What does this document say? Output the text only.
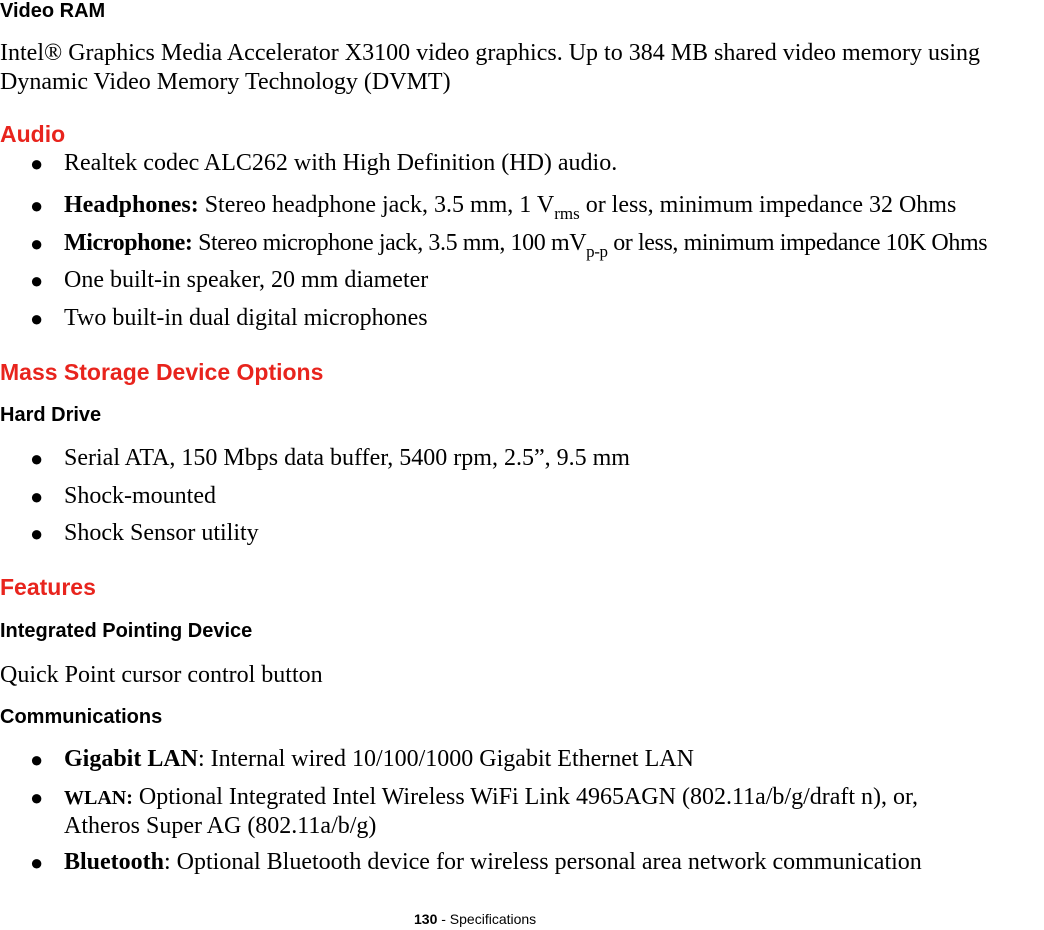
Video RAM
Intel® Graphics Media Accelerator X3100 video graphics. Up to 384 MB shared video memory using
Dynamic Video Memory Technology (DVMT)
Audio
● Realtek codec ALC262 with High Definition (HD) audio.
● Headphones: Stereo headphone jack, 3.5 mm, 1 $V_{rms}$ or less, minimum impedance 32 Ohms
● Microphone: Stereo microphone jack, 3.5 mm, 100 $mV_{p-p}$ or less, minimum impedance 10K Ohms
● One built-in speaker, 20 mm diameter
● Two built-in dual digital microphones
Mass Storage Device Options
Hard Drive
● Serial ATA, 150 Mbps data buffer, 5400 rpm, 2.5”, 9.5 mm
● Shock-mounted
● Shock Sensor utility
Features
Integrated Pointing Device
Quick Point cursor control button
Communications
● Gigabit LAN: Internal wired 10/100/1000 Gigabit Ethernet LAN
● WLAN: Optional Integrated Intel Wireless WiFi Link 4965AGN (802.11a/b/g/draft n), or,
Atheros Super AG (802.11a/b/g)
● Bluetooth: Optional Bluetooth device for wireless personal area network communication
130 - Specifications
